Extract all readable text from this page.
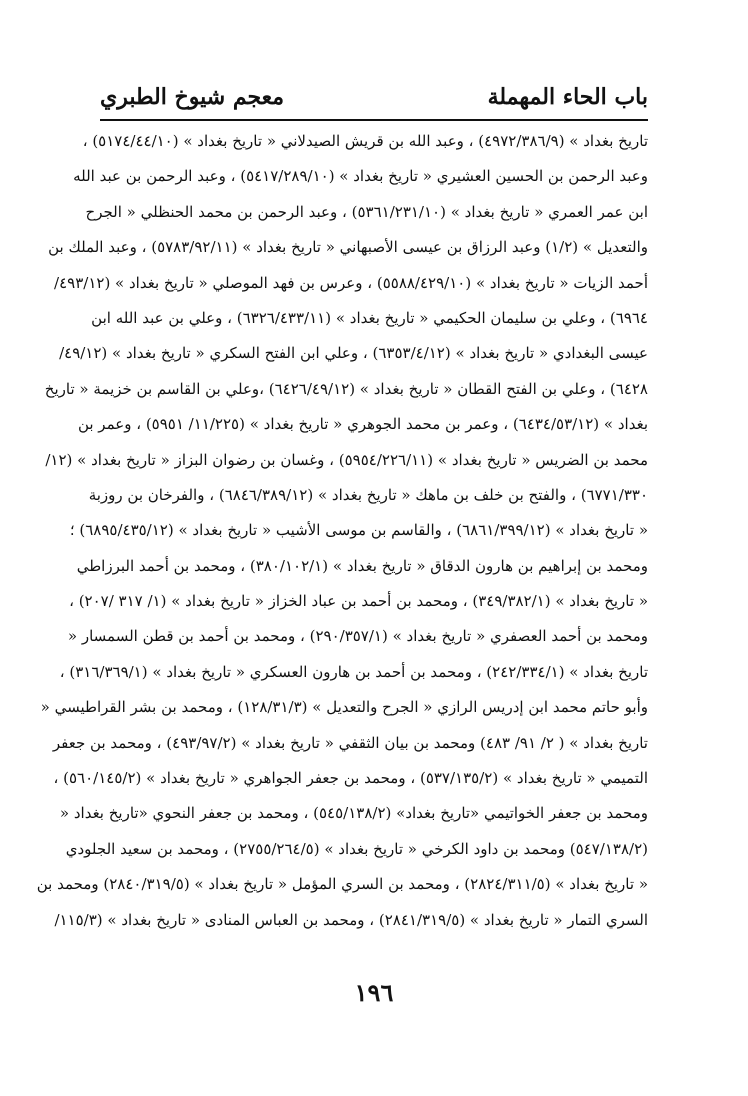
باب الحاء المهملة
معجم شيوخ الطبري
تاريخ بغداد » (٤٩٧٢/٣٨٦/٩) ، وعبد الله بن قريش الصيدلاني « تاريخ بغداد » (٥١٧٤/٤٤/١٠) ،
وعبد الرحمن بن الحسين العشيري « تاريخ بغداد » (٥٤١٧/٢٨٩/١٠) ، وعبد الرحمن بن عبد الله
ابن عمر العمري « تاريخ بغداد » (٥٣٦١/٢٣١/١٠) ، وعبد الرحمن بن محمد الحنظلي « الجرح
والتعديل » (١/٢) وعبد الرزاق بن عيسى الأصبهاني « تاريخ بغداد » (٥٧٨٣/٩٢/١١) ، وعبد الملك بن
أحمد الزيات « تاريخ بغداد » (٥٥٨٨/٤٢٩/١٠) ، وعرس بن فهد الموصلي « تاريخ بغداد » (٤٩٣/١٢/
٦٩٦٤) ، وعلي بن سليمان الحكيمي « تاريخ بغداد » (٦٣٢٦/٤٣٣/١١) ، وعلي بن عبد الله ابن
عيسى البغدادي « تاريخ بغداد » (٦٣٥٣/٤/١٢) ، وعلي ابن الفتح السكري « تاريخ بغداد » (٤٩/١٢/
٦٤٢٨) ، وعلي بن الفتح القطان « تاريخ بغداد » (٦٤٢٦/٤٩/١٢) ،وعلي بن القاسم بن خزيمة « تاريخ
بغداد » (٦٤٣٤/٥٣/١٢) ، وعمر بن محمد الجوهري « تاريخ بغداد » (١١/٢٢٥/ ٥٩٥١) ، وعمر بن
محمد بن الضريس « تاريخ بغداد » (٥٩٥٤/٢٢٦/١١) ، وغسان بن رضوان البزاز « تاريخ بغداد » (١٢/
٦٧٧١/٣٣٠) ، والفتح بن خلف بن ماهك « تاريخ بغداد » (٦٨٤٦/٣٨٩/١٢) ، والفرخان بن روزبة
« تاريخ بغداد » (٦٨٦١/٣٩٩/١٢) ، والقاسم بن موسى الأشيب « تاريخ بغداد » (٦٨٩٥/٤٣٥/١٢) ؛
ومحمد بن إبراهيم بن هارون الدقاق « تاريخ بغداد » (٣٨٠/١٠٢/١) ، ومحمد بن أحمد البرزاطي
« تاريخ بغداد » (٣٤٩/٣٨٢/١) ، ومحمد بن أحمد بن عباد الخزاز « تاريخ بغداد » (١/ ٣١٧ /٢٠٧) ،
ومحمد بن أحمد العصفري « تاريخ بغداد » (٢٩٠/٣٥٧/١) ، ومحمد بن أحمد بن قطن السمسار «
تاريخ بغداد » (٢٤٢/٣٣٤/١) ، ومحمد بن أحمد بن هارون العسكري « تاريخ بغداد » (٣١٦/٣٦٩/١) ،
وأبو حاتم محمد ابن إدريس الرازي « الجرح والتعديل » (١٢٨/٣١/٣) ، ومحمد بن بشر القراطيسي «
تاريخ بغداد » ( ٢/ ٩١/ ٤٨٣) ومحمد بن بيان الثقفي « تاريخ بغداد » (٤٩٣/٩٧/٢) ، ومحمد بن جعفر
التميمي « تاريخ بغداد » (٥٣٧/١٣٥/٢) ، ومحمد بن جعفر الجواهري « تاريخ بغداد » (٥٦٠/١٤٥/٢) ،
ومحمد بن جعفر الخواتيمي «تاريخ بغداد» (٥٤٥/١٣٨/٢) ، ومحمد بن جعفر النحوي «تاريخ بغداد «
(٥٤٧/١٣٨/٢) ومحمد بن داود الكرخي « تاريخ بغداد » (٢٧٥٥/٢٦٤/٥) ، ومحمد بن سعيد الجلودي
« تاريخ بغداد » (٢٨٢٤/٣١١/٥) ، ومحمد بن السري المؤمل « تاريخ بغداد » (٢٨٤٠/٣١٩/٥) ومحمد بن
السري التمار « تاريخ بغداد » (٢٨٤١/٣١٩/٥) ، ومحمد بن العباس المنادى « تاريخ بغداد » (١١٥/٣/
١٩٦
